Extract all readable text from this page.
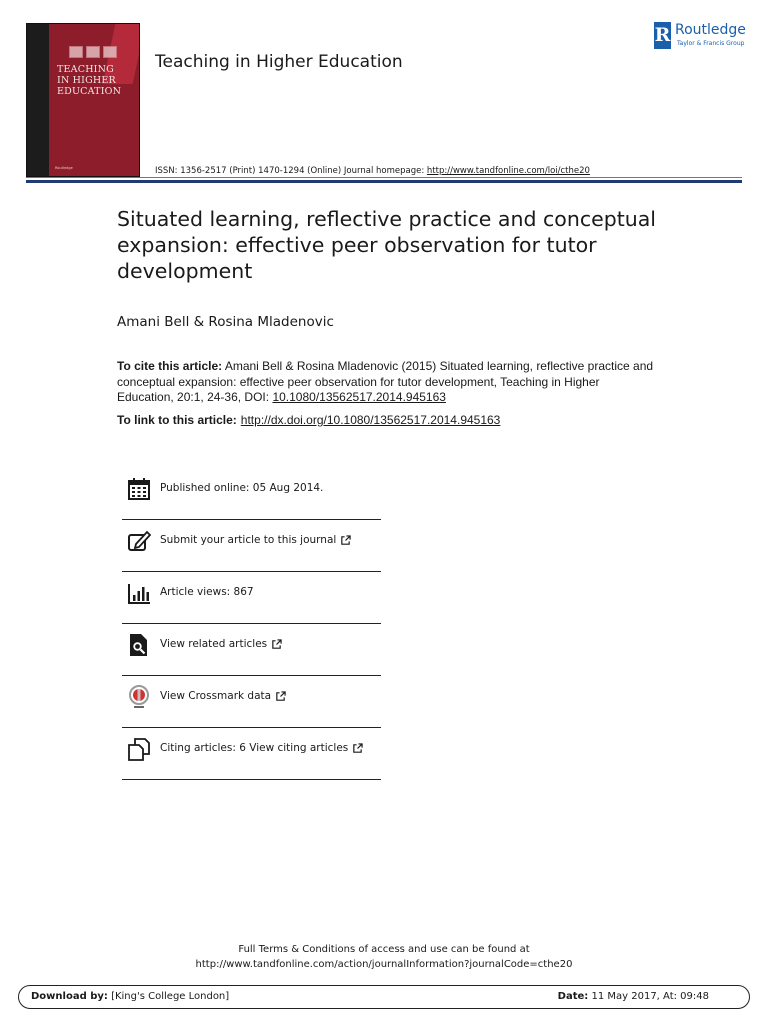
TEACHING
IN HIGHER
EDUCATION
Routledge
Teaching in Higher Education
R Routledge
Taylor & Francis Group
ISSN: 1356-2517 (Print) 1470-1294 (Online) Journal homepage: http://www.tandfonline.com/loi/cthe20
Situated learning, reflective practice and conceptual expansion: effective peer observation for tutor development
Amani Bell & Rosina Mladenovic
To cite this article: Amani Bell & Rosina Mladenovic (2015) Situated learning, reflective practice and conceptual expansion: effective peer observation for tutor development, Teaching in Higher Education, 20:1, 24-36, DOI: 10.1080/13562517.2014.945163
To link to this article: http://dx.doi.org/10.1080/13562517.2014.945163
Published online: 05 Aug 2014.
Submit your article to this journal
Article views: 867
View related articles
View Crossmark data
Citing articles: 6 View citing articles
Full Terms & Conditions of access and use can be found at
http://www.tandfonline.com/action/journalInformation?journalCode=cthe20
Download by: [King's College London]	Date: 11 May 2017, At: 09:48
